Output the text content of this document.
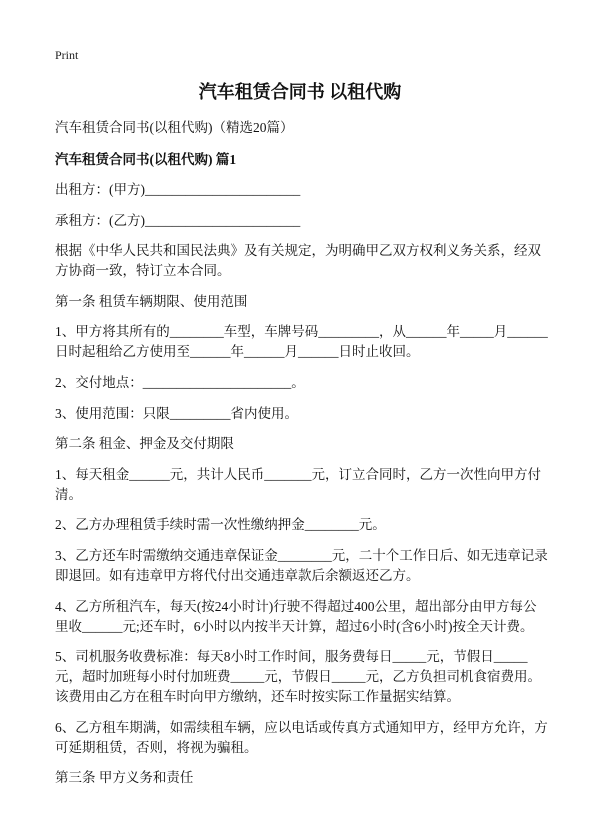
Print
汽车租赁合同书 以租代购

汽车租赁合同书(以租代购)（精选20篇）

汽车租赁合同书(以租代购) 篇1

出租方：(甲方)_______________________

承租方：(乙方)_______________________

根据《中华人民共和国民法典》及有关规定，为明确甲乙双方权利义务关系，经双方协商一致，特订立本合同。

第一条 租赁车辆期限、使用范围

1、甲方将其所有的________车型，车牌号码_________，从______年_____月______日时起租给乙方使用至______年______月______日时止收回。

2、交付地点：______________________。

3、使用范围：只限_________省内使用。

第二条 租金、押金及交付期限

1、每天租金______元，共计人民币_______元，订立合同时，乙方一次性向甲方付清。

2、乙方办理租赁手续时需一次性缴纳押金________元。

3、乙方还车时需缴纳交通违章保证金________元，二十个工作日后、如无违章记录即退回。如有违章甲方将代付出交通违章款后余额返还乙方。

4、乙方所租汽车，每天(按24小时计)行驶不得超过400公里，超出部分由甲方每公里收______元;还车时，6小时以内按半天计算，超过6小时(含6小时)按全天计费。

5、司机服务收费标准：每天8小时工作时间，服务费每日_____元，节假日_____元，超时加班每小时付加班费_____元，节假日_____元，乙方负担司机食宿费用。该费用由乙方在租车时向甲方缴纳，还车时按实际工作量据实结算。

6、乙方租车期满，如需续租车辆，应以电话或传真方式通知甲方，经甲方允许，方可延期租赁，否则，将视为骗租。

第三条 甲方义务和责任
